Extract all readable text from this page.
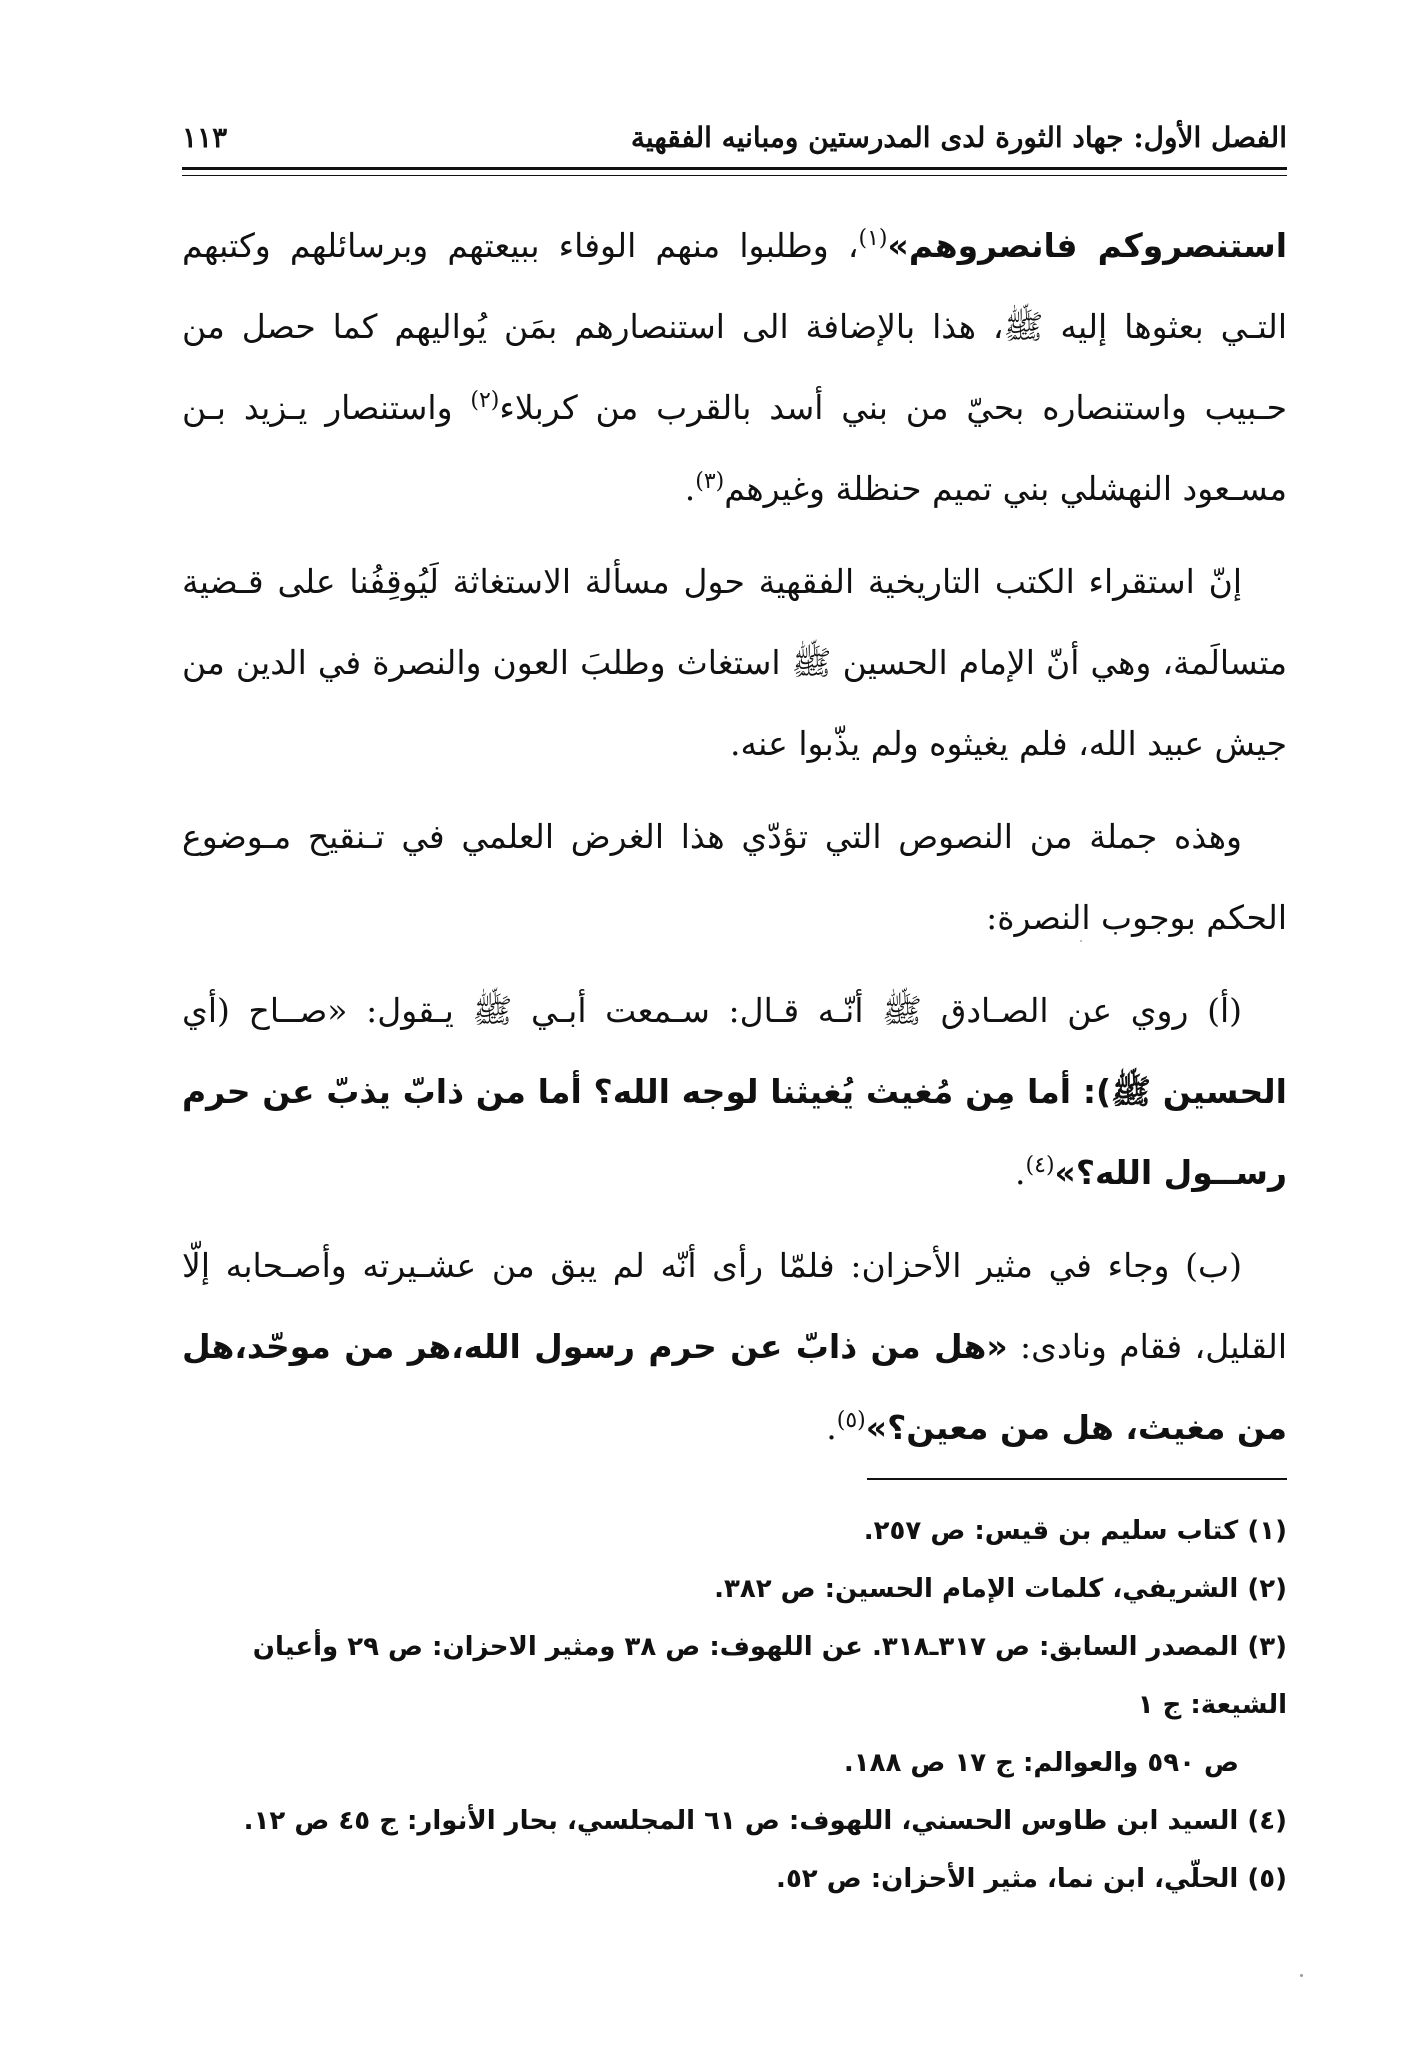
الفصل الأول: جهاد الثورة لدى المدرستين ومبانيه الفقهية
١١٣

استنصروكم فانصروهم»$^{(١)}$، وطلبوا منهم الوفاء ببيعتهم وبرسائلهم وكتبهم التـي بعثوها إليه ﷺ، هذا بالإضافة الى استنصارهم بمَن يُواليهم كما حصل من حـبيب واستنصاره بحيّ من بني أسد بالقرب من كربلاء$^{(٢)}$ واستنصار يـزيد بـن مسـعود النهشلي بني تميم حنظلة وغيرهم$^{(٣)}$.

إنّ استقراء الكتب التاريخية الفقهية حول مسألة الاستغاثة لَيُوقِفُنا على قـضية متسالَمة، وهي أنّ الإمام الحسين ﷺ استغاث وطلبَ العون والنصرة في الدين من جيش عبيد الله، فلم يغيثوه ولم يذّبوا عنه.

وهذه جملة من النصوص التي تؤدّي هذا الغرض العلمي في تـنقيح مـوضوع الحكم بوجوب النصرة:

(أ) روي عن الصـادق ﷺ أنّـه قـال: سـمعت أبـي ﷺ يـقول: «صــاح (أي الحسين ﷺ): أما مِن مُغيث يُغيثنا لوجه الله؟ أما من ذابّ يذبّ عن حرم رســول الله؟»$^{(٤)}$.

(ب) وجاء في مثير الأحزان: فلمّا رأى أنّه لم يبق من عشـيرته وأصـحابه إلّا القليل، فقام ونادى: «هل من ذابّ عن حرم رسول الله،هر من موحّد،هل من مغيث، هل من معين؟»$^{(٥)}$.

(١) كتاب سليم بن قيس: ص ٢٥٧.

(٢) الشريفي، كلمات الإمام الحسين: ص ٣٨٢.

(٣) المصدر السابق: ص ٣١٧ـ٣١٨. عن اللهوف: ص ٣٨ ومثير الاحزان: ص ٢٩ وأعيان الشيعة: ج ١
ص ٥٩٠ والعوالم: ج ١٧ ص ١٨٨.

(٤) السيد ابن طاوس الحسني، اللهوف: ص ٦١ المجلسي، بحار الأنوار: ج ٤٥ ص ١٢.

(٥) الحلّي، ابن نما، مثير الأحزان: ص ٥٢.
